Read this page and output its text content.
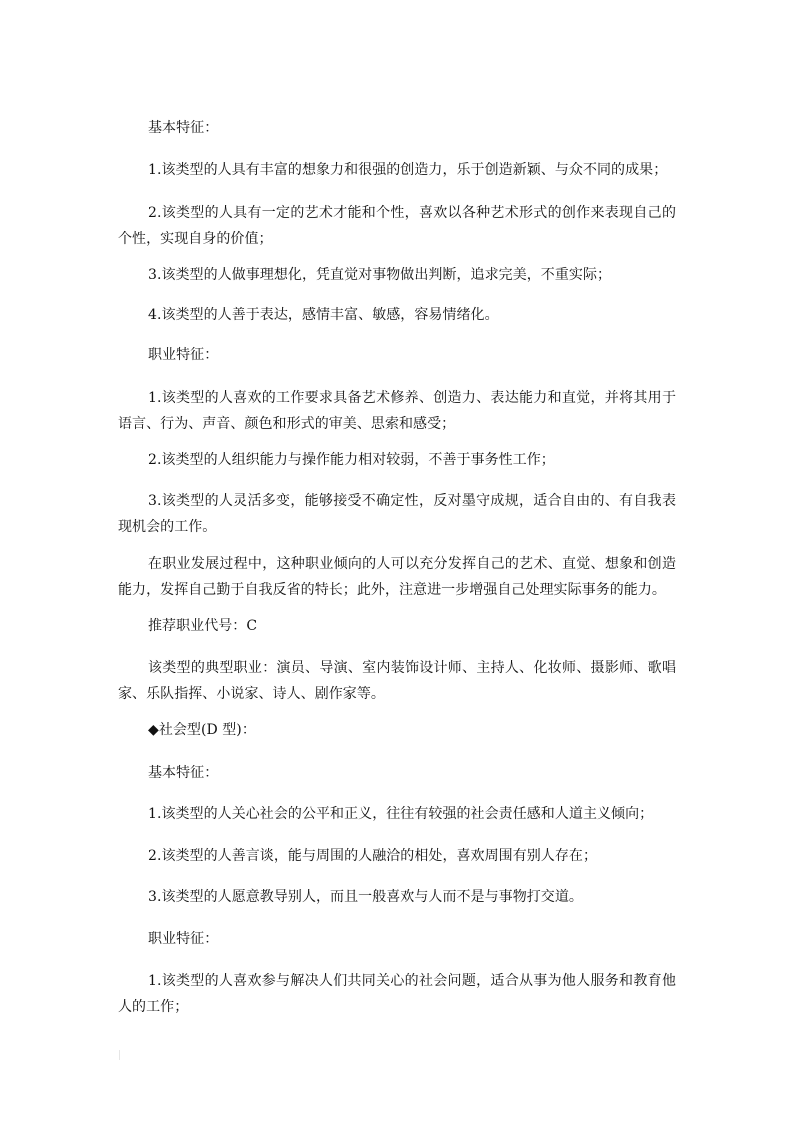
基本特征：

1.该类型的人具有丰富的想象力和很强的创造力，乐于创造新颖、与众不同的成果；

2.该类型的人具有一定的艺术才能和个性，喜欢以各种艺术形式的创作来表现自己的个性，实现自身的价值；

3.该类型的人做事理想化，凭直觉对事物做出判断，追求完美，不重实际；

4.该类型的人善于表达，感情丰富、敏感，容易情绪化。

职业特征：

1.该类型的人喜欢的工作要求具备艺术修养、创造力、表达能力和直觉，并将其用于语言、行为、声音、颜色和形式的审美、思索和感受；

2.该类型的人组织能力与操作能力相对较弱，不善于事务性工作；

3.该类型的人灵活多变，能够接受不确定性，反对墨守成规，适合自由的、有自我表现机会的工作。

在职业发展过程中，这种职业倾向的人可以充分发挥自己的艺术、直觉、想象和创造能力，发挥自己勤于自我反省的特长；此外，注意进一步增强自己处理实际事务的能力。

推荐职业代号：C

该类型的典型职业：演员、导演、室内装饰设计师、主持人、化妆师、摄影师、歌唱家、乐队指挥、小说家、诗人、剧作家等。

◆社会型(D 型)：

基本特征：

1.该类型的人关心社会的公平和正义，往往有较强的社会责任感和人道主义倾向；

2.该类型的人善言谈，能与周围的人融洽的相处，喜欢周围有别人存在；

3.该类型的人愿意教导别人，而且一般喜欢与人而不是与事物打交道。

职业特征：

1.该类型的人喜欢参与解决人们共同关心的社会问题，适合从事为他人服务和教育他人的工作；
